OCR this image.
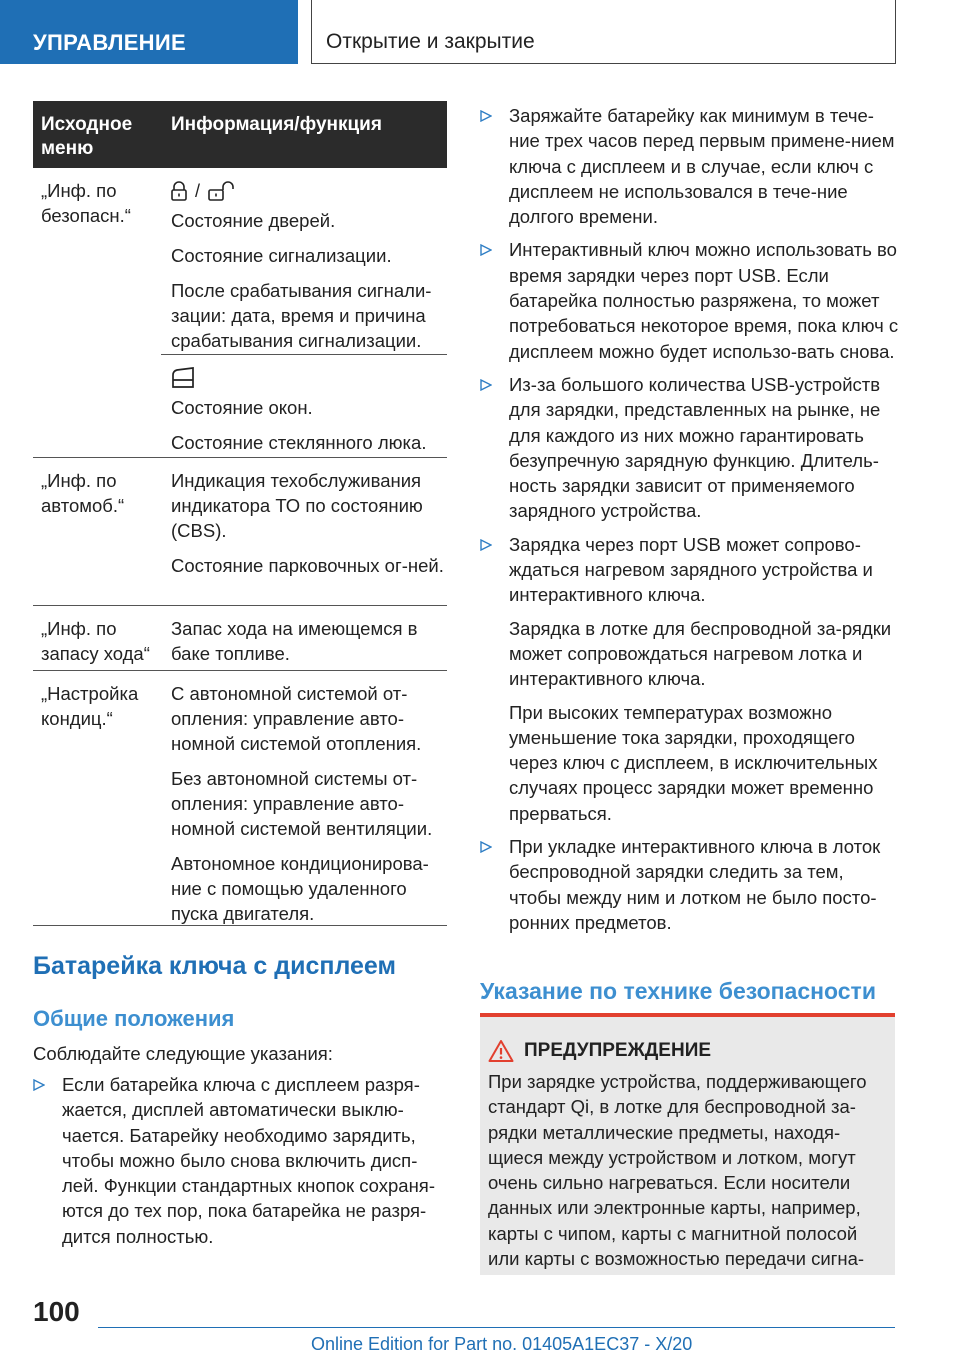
УПРАВЛЕНИЕ	Открытие и закрытие
Исходное меню
Информация/функция
„Инф. по безопасн.“
/
Состояние дверей.
Состояние сигнализации.
После срабатывания сигнали-зации: дата, время и причина срабатывания сигнализации.
Состояние окон.
Состояние стеклянного люка.
„Инф. по автомоб.“
Индикация техобслуживания индикатора ТО по состоянию (CBS).
Состояние парковочных ог-ней.
„Инф. по запасу хода“
Запас хода на имеющемся в баке топливе.
„Настройка кондиц.“
С автономной системой от-опления: управление авто-номной системой отопления.
Без автономной системы от-опления: управление авто-номной системой вентиляции.
Автономное кондиционирова-ние с помощью удаленного пуска двигателя.
Батарейка ключа с дисплеем
Общие положения
Соблюдайте следующие указания:
Если батарейка ключа с дисплеем разря-жается, дисплей автоматически выклю-чается. Батарейку необходимо зарядить, чтобы можно было снова включить дисп-лей. Функции стандартных кнопок сохраня-ются до тех пор, пока батарейка не разря-дится полностью.
Заряжайте батарейку как минимум в тече-ние трех часов перед первым примене-нием ключа с дисплеем и в случае, если ключ с дисплеем не использовался в тече-ние долгого времени.
Интерактивный ключ можно использовать во время зарядки через порт USB. Если батарейка полностью разряжена, то может потребоваться некоторое время, пока ключ с дисплеем можно будет использо-вать снова.
Из-за большого количества USB-устройств для зарядки, представленных на рынке, не для каждого из них можно гарантировать безупречную зарядную функцию. Длитель-ность зарядки зависит от применяемого зарядного устройства.
Зарядка через порт USB может сопрово-ждаться нагревом зарядного устройства и интерактивного ключа.
Зарядка в лотке для беспроводной за-рядки может сопровождаться нагревом лотка и интерактивного ключа.
При высоких температурах возможно уменьшение тока зарядки, проходящего через ключ с дисплеем, в исключительных случаях процесс зарядки может временно прерваться.
При укладке интерактивного ключа в лоток беспроводной зарядки следить за тем, чтобы между ним и лотком не было посто-ронних предметов.
Указание по технике безопасности
ПРЕДУПРЕЖДЕНИЕ
При зарядке устройства, поддерживающего стандарт Qi, в лотке для беспроводной за-рядки металлические предметы, находя-щиеся между устройством и лотком, могут очень сильно нагреваться. Если носители данных или электронные карты, например, карты с чипом, карты с магнитной полосой или карты с возможностью передачи сигна-
100
Online Edition for Part no. 01405A1EC37 - X/20
